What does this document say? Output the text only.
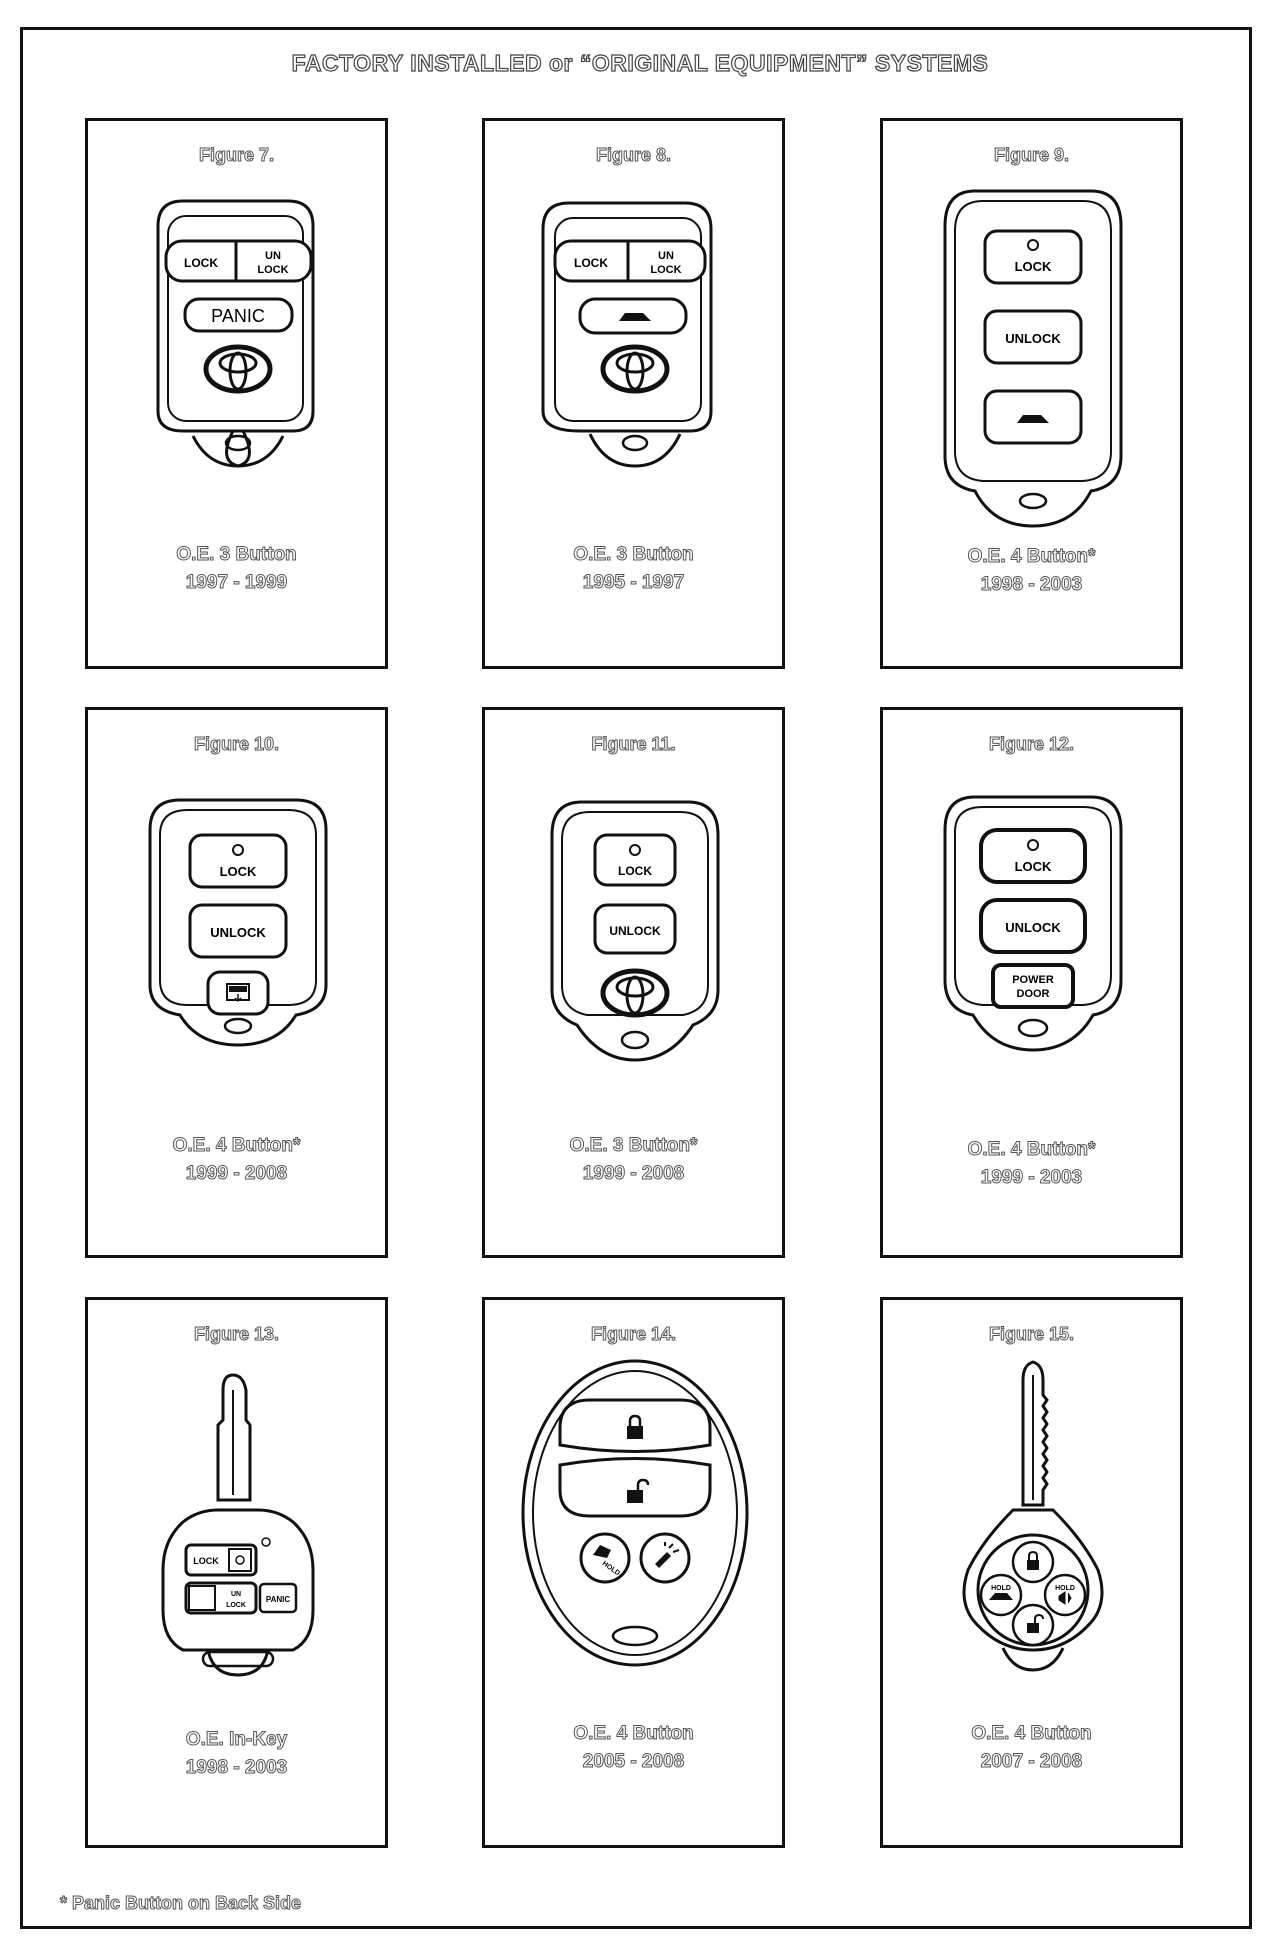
FACTORY INSTALLED or “ORIGINAL EQUIPMENT” SYSTEMS
Figure 7.
LOCK	UN
LOCK
PANIC
O.E. 3 Button
1997 - 1999
Figure 8.
LOCK	UN
LOCK
O.E. 3 Button
1995 - 1997
Figure 9.
LOCK
UNLOCK
O.E. 4 Button*
1998 - 2003
Figure 10.
LOCK
UNLOCK
O.E. 4 Button*
1999 - 2008
Figure 11.
LOCK
UNLOCK
O.E. 3 Button*
1999 - 2008
Figure 12.
LOCK
UNLOCK
POWER
DOOR
O.E. 4 Button*
1999 - 2003
Figure 13.
LOCK
UN
LOCK
PANIC
O.E. In-Key
1998 - 2003
Figure 14.
HOLD
O.E. 4 Button
2005 - 2008
Figure 15.
HOLD	HOLD
O.E. 4 Button
2007 - 2008
* Panic Button on Back Side
